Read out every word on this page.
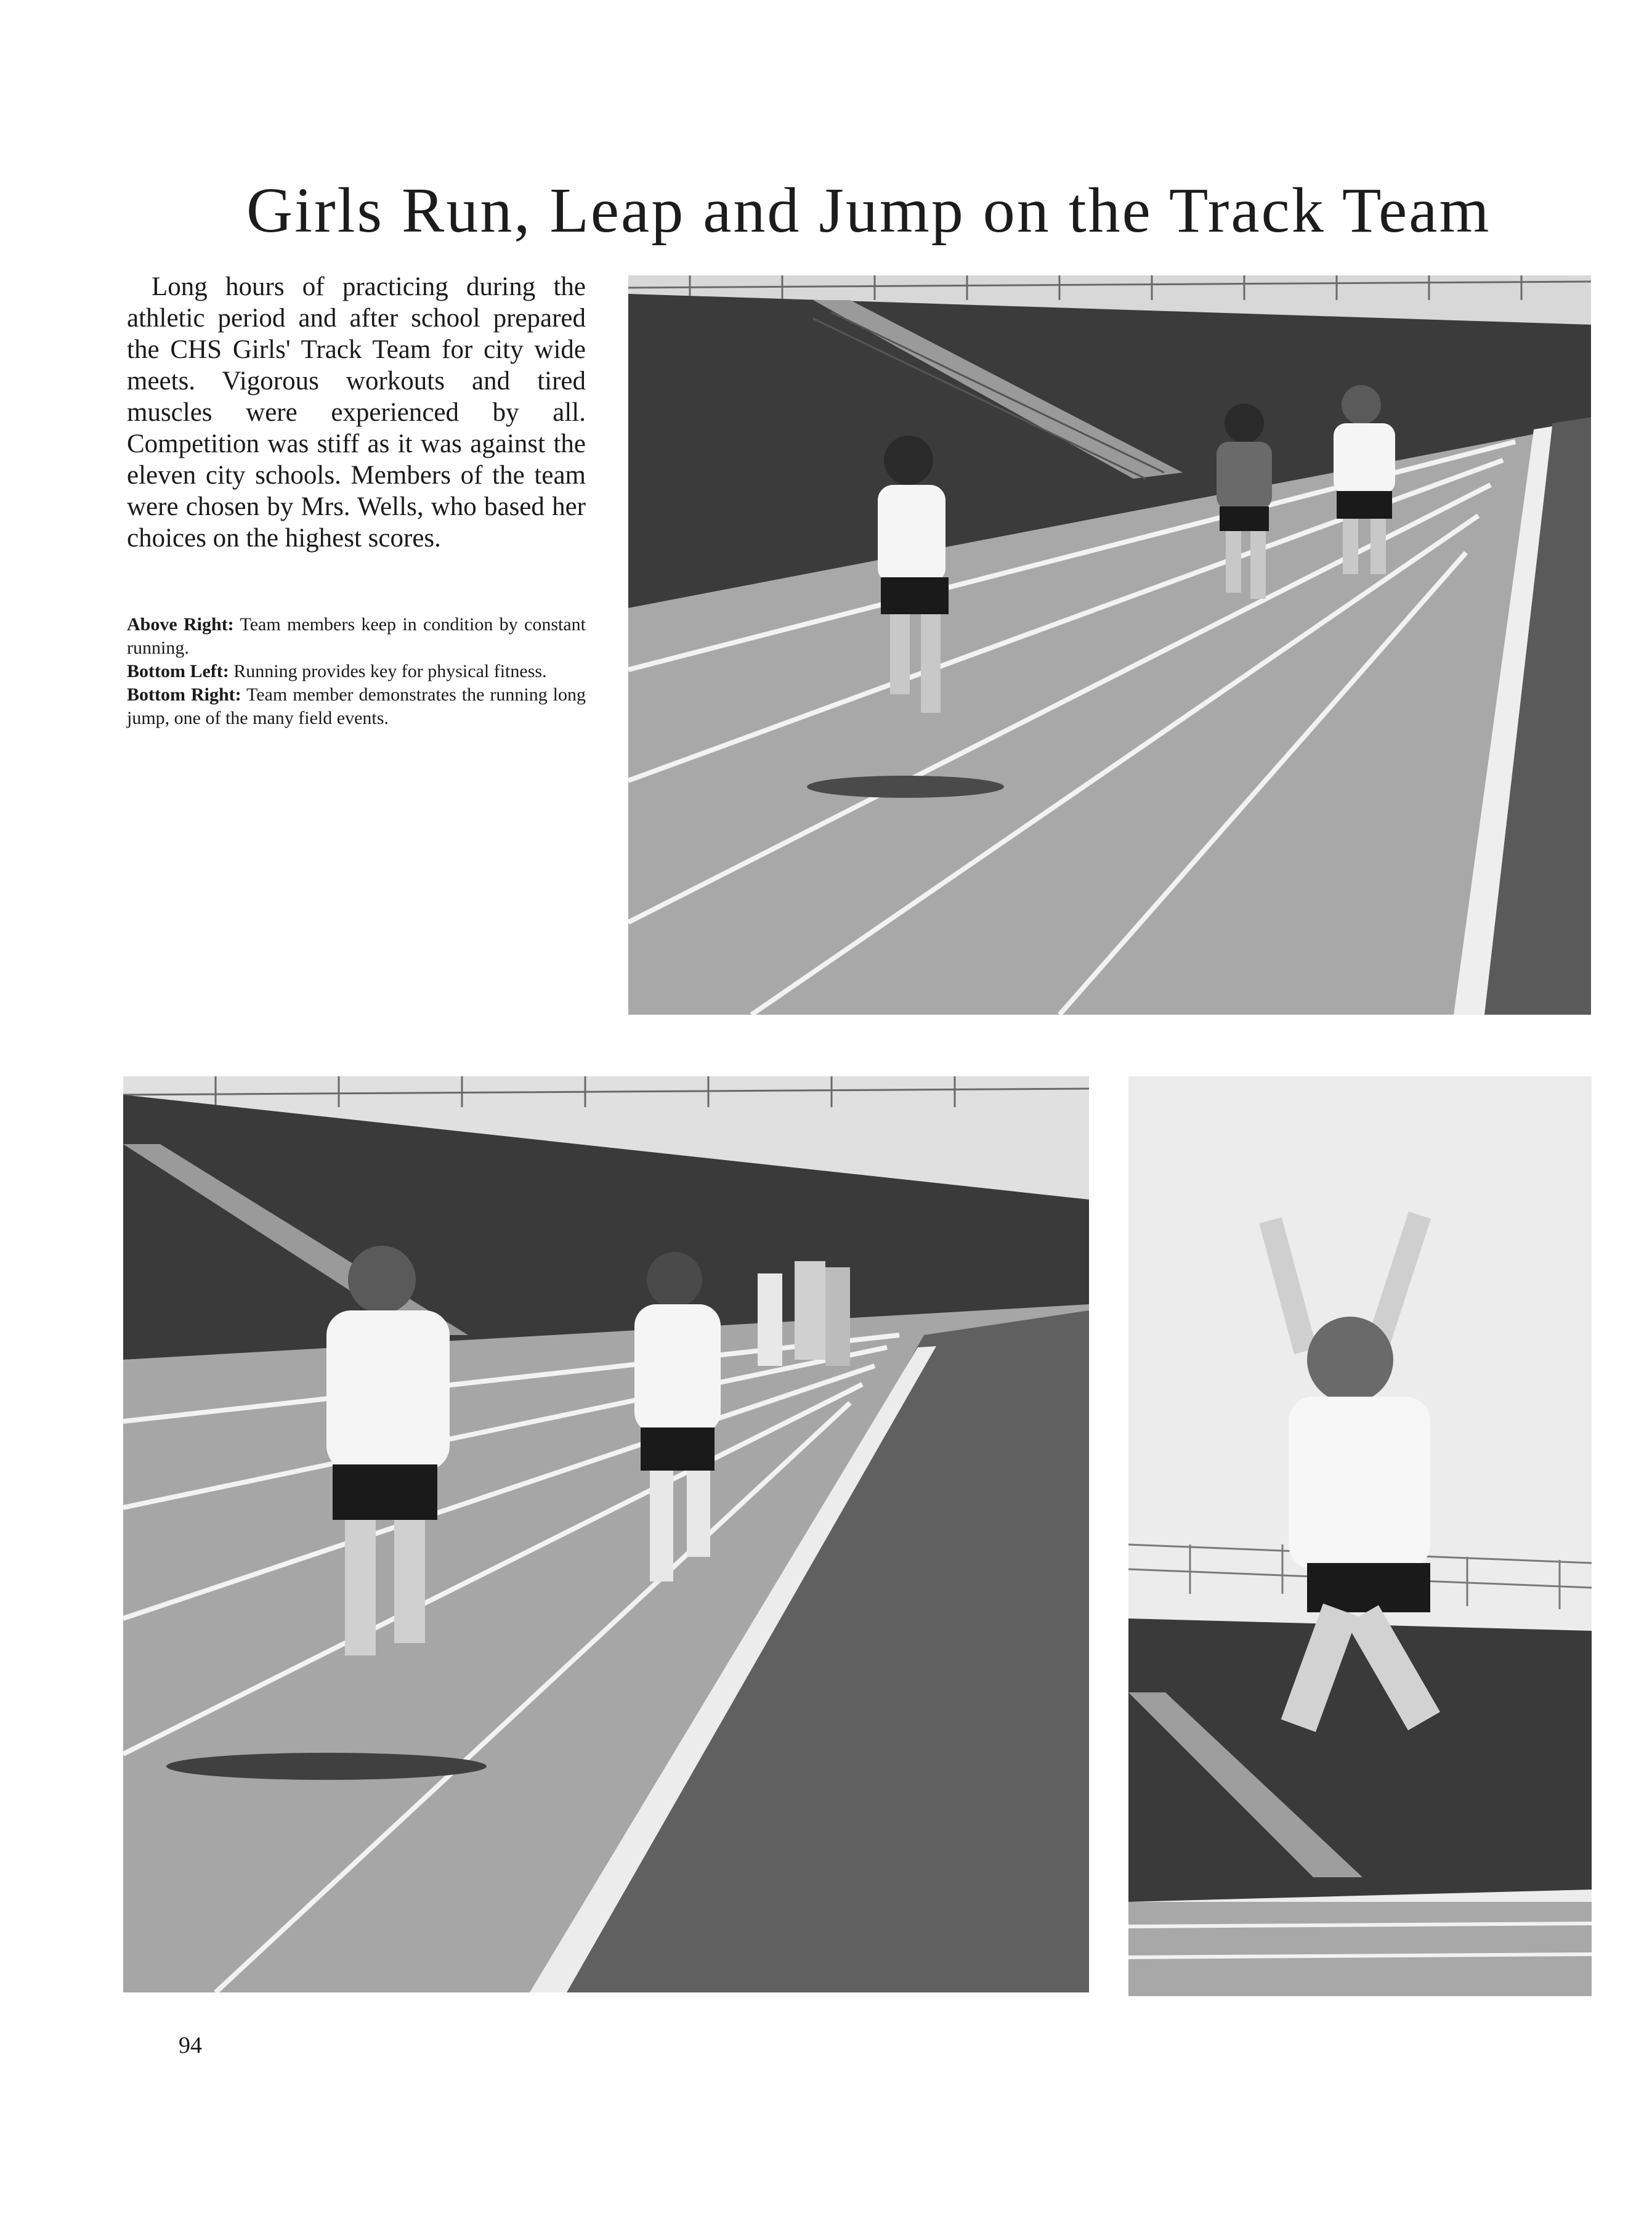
Girls Run, Leap and Jump on the Track Team

Long hours of practicing during the athletic period and after school prepared the CHS Girls' Track Team for city wide meets. Vigorous workouts and tired muscles were experienced by all. Competition was stiff as it was against the eleven city schools. Members of the team were chosen by Mrs. Wells, who based her choices on the highest scores.

Above Right: Team members keep in condition by constant running.

Bottom Left: Running provides key for physical fitness.

Bottom Right: Team member demonstrates the running long jump, one of the many field events.

94
